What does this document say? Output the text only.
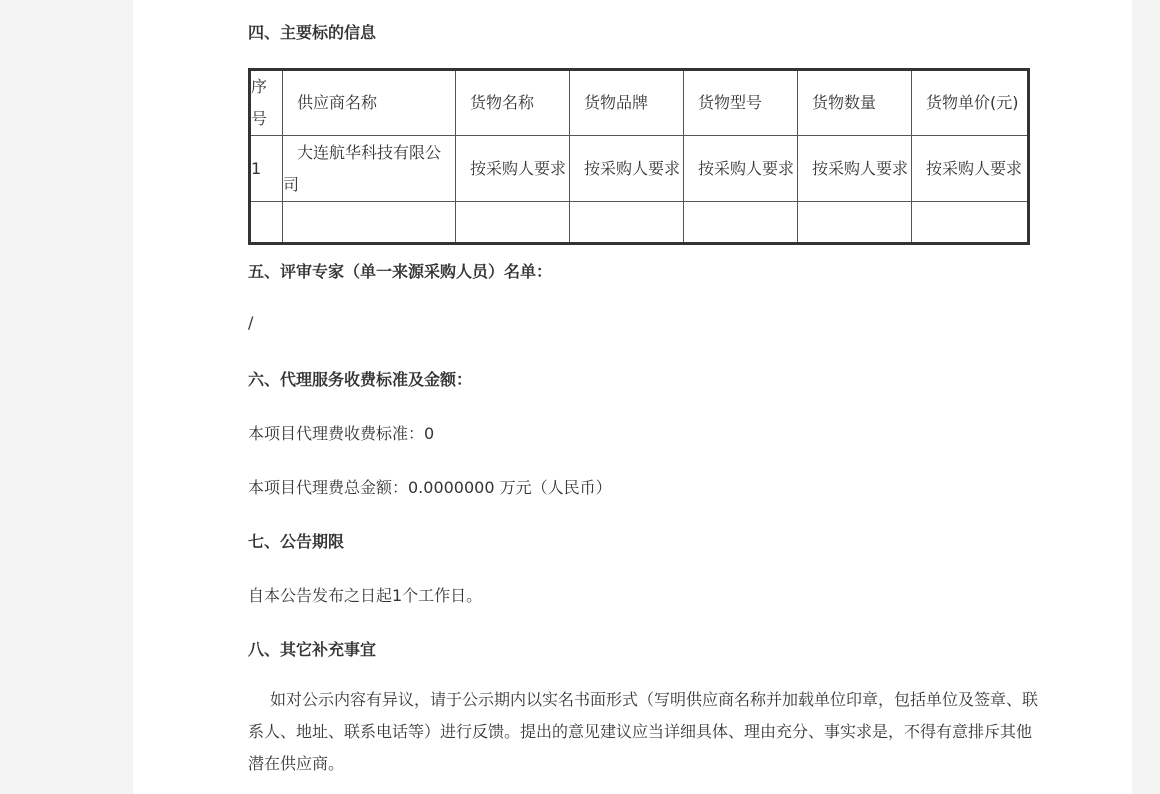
四、主要标的信息
序号	供应商名称	货物名称	货物品牌	货物型号	货物数量	货物单价(元)
1	大连航华科技有限公司	按采购人要求	按采购人要求	按采购人要求	按采购人要求	按采购人要求

五、评审专家（单一来源采购人员）名单：
/
六、代理服务收费标准及金额：
本项目代理费收费标准：0
本项目代理费总金额：0.0000000 万元（人民币）
七、公告期限
自本公告发布之日起1个工作日。
八、其它补充事宜
如对公示内容有异议，请于公示期内以实名书面形式（写明供应商名称并加载单位印章，包括单位及签章、联系人、地址、联系电话等）进行反馈。提出的意见建议应当详细具体、理由充分、事实求是，不得有意排斥其他潜在供应商。
